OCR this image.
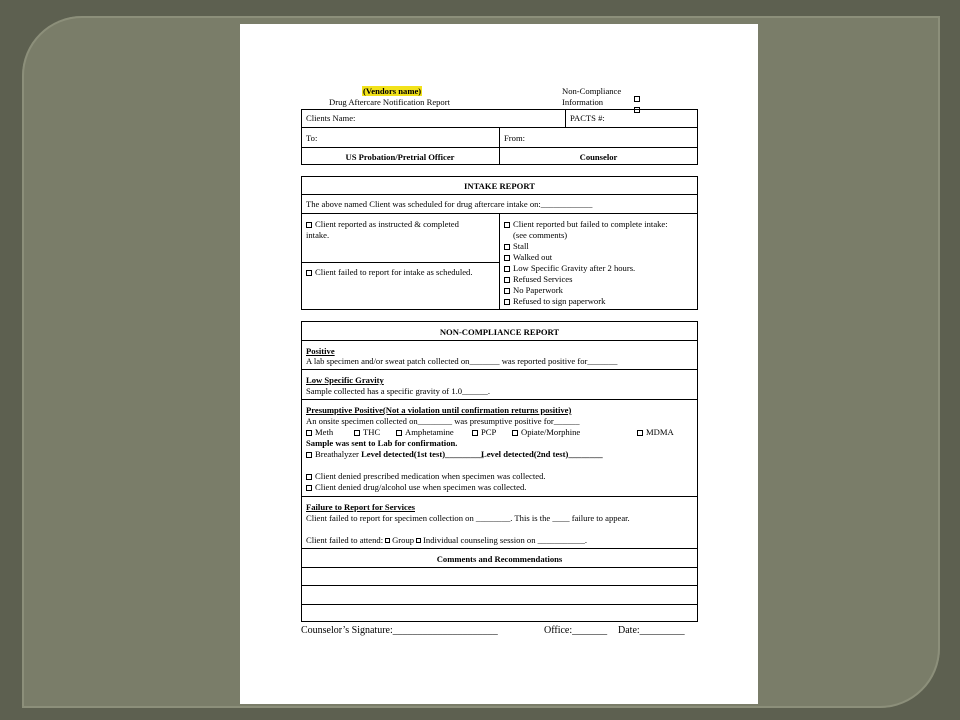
(Vendors name)
Drug Aftercare Notification Report
Non-Compliance
Information
Clients Name:	PACTS #:
To:	From:
US Probation/Pretrial Officer	Counselor
INTAKE REPORT
The above named Client was scheduled for drug aftercare intake on:____________
Client reported as instructed & completed
intake.
Client failed to report for intake as scheduled.
Client reported but failed to complete intake:
(see comments)
Stall
Walked out
Low Specific Gravity after 2 hours.
Refused Services
No Paperwork
Refused to sign paperwork
NON-COMPLIANCE REPORT
Positive
A lab specimen and/or sweat patch collected on_______ was reported positive for_______
Low Specific Gravity
Sample collected has a specific gravity of 1.0______.
Presumptive Positive(Not a violation until confirmation returns positive)
An onsite specimen collected on________ was presumptive positive for______
Meth	THC	Amphetamine	PCP	Opiate/Morphine	MDMA
Sample was sent to Lab for confirmation.
Breathalyzer Level detected(1st test)_________
Level detected(2nd test)________
Client denied prescribed medication when specimen was collected.
Client denied drug/alcohol use when specimen was collected.
Failure to Report for Services
Client failed to report for specimen collection on ________. This is the ____ failure to appear.
Client failed to attend: Group Individual counseling session on ___________.
Comments and Recommendations
Counselor’s Signature:_____________________	Office:_______ Date:_________
